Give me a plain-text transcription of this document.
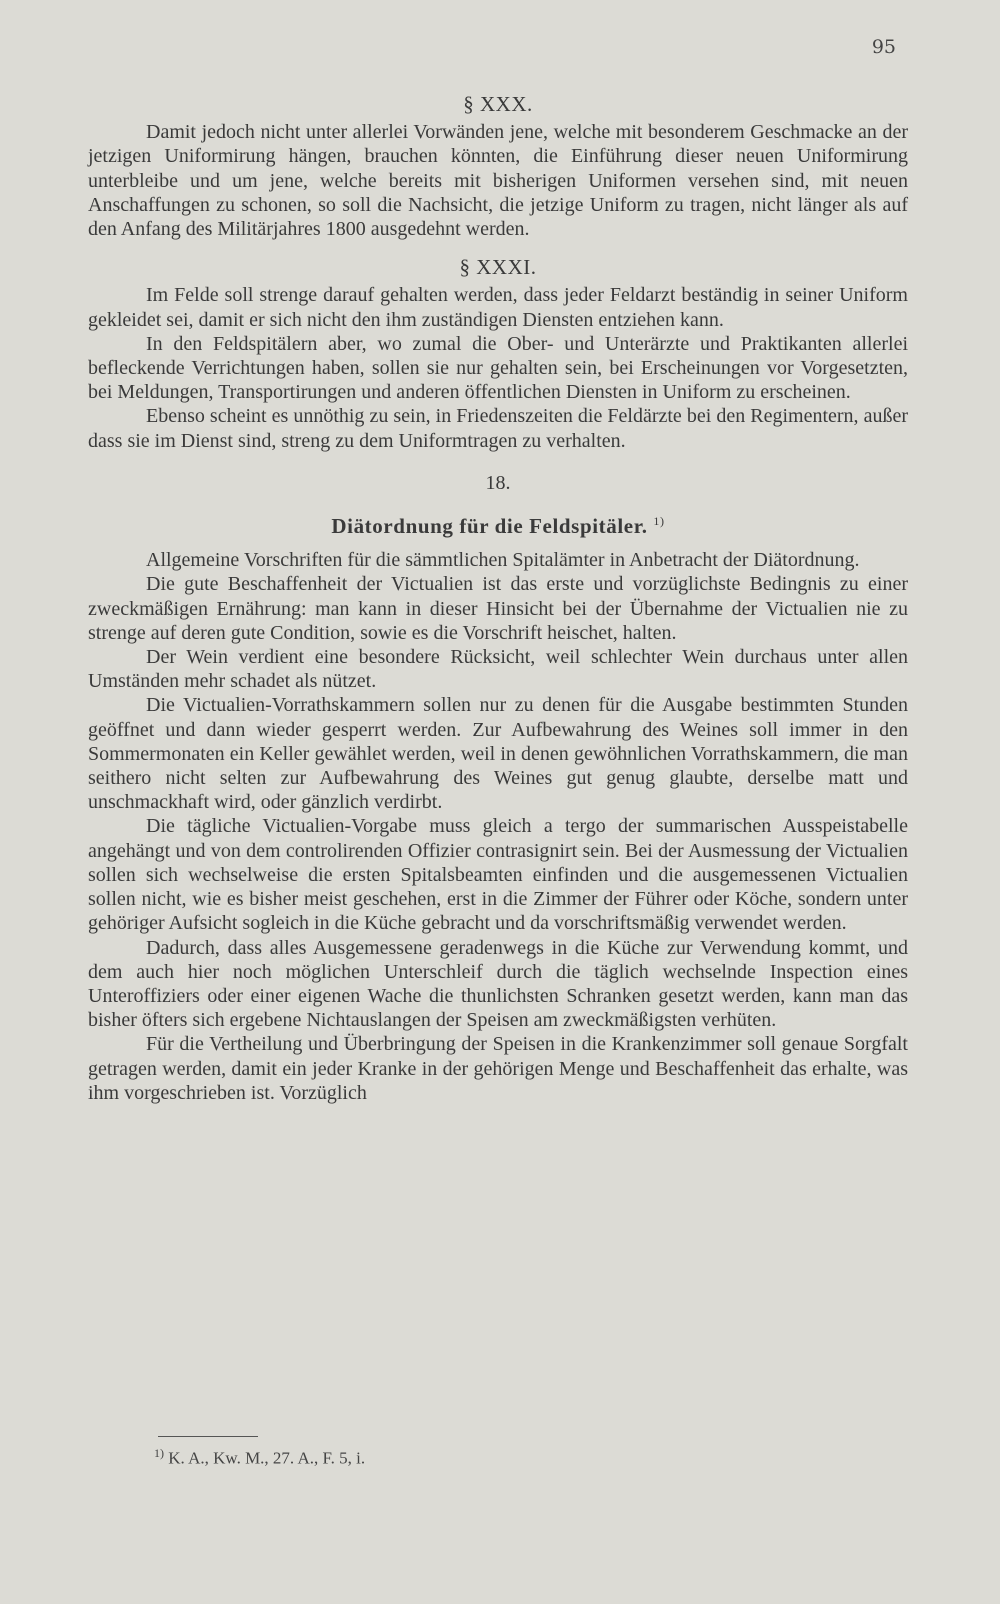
95
§ XXX.

Damit jedoch nicht unter allerlei Vorwänden jene, welche mit besonderem Geschmacke an der jetzigen Uniformirung hängen, brauchen könnten, die Einführung dieser neuen Uniformirung unterbleibe und um jene, welche bereits mit bisherigen Uniformen versehen sind, mit neuen Anschaffungen zu schonen, so soll die Nachsicht, die jetzige Uniform zu tragen, nicht länger als auf den Anfang des Militärjahres 1800 ausgedehnt werden.

§ XXXI.

Im Felde soll strenge darauf gehalten werden, dass jeder Feldarzt beständig in seiner Uniform gekleidet sei, damit er sich nicht den ihm zuständigen Diensten entziehen kann.

In den Feldspitälern aber, wo zumal die Ober- und Unterärzte und Praktikanten allerlei befleckende Verrichtungen haben, sollen sie nur gehalten sein, bei Erscheinungen vor Vorgesetzten, bei Meldungen, Transportirungen und anderen öffentlichen Diensten in Uniform zu erscheinen.

Ebenso scheint es unnöthig zu sein, in Friedenszeiten die Feldärzte bei den Regimentern, außer dass sie im Dienst sind, streng zu dem Uniformtragen zu verhalten.

18.
Diätordnung für die Feldspitäler. $^{1)}$

Allgemeine Vorschriften für die sämmtlichen Spitalämter in Anbetracht der Diätordnung.

Die gute Beschaffenheit der Victualien ist das erste und vorzüglichste Bedingnis zu einer zweckmäßigen Ernährung: man kann in dieser Hinsicht bei der Übernahme der Victualien nie zu strenge auf deren gute Condition, sowie es die Vorschrift heischet, halten.

Der Wein verdient eine besondere Rücksicht, weil schlechter Wein durchaus unter allen Umständen mehr schadet als nützet.

Die Victualien-Vorrathskammern sollen nur zu denen für die Ausgabe bestimmten Stunden geöffnet und dann wieder gesperrt werden. Zur Aufbewahrung des Weines soll immer in den Sommermonaten ein Keller gewählet werden, weil in denen gewöhnlichen Vorrathskammern, die man seithero nicht selten zur Aufbewahrung des Weines gut genug glaubte, derselbe matt und unschmackhaft wird, oder gänzlich verdirbt.

Die tägliche Victualien-Vorgabe muss gleich a tergo der summarischen Ausspeistabelle angehängt und von dem controlirenden Offizier contrasignirt sein. Bei der Ausmessung der Victualien sollen sich wechselweise die ersten Spitalsbeamten einfinden und die ausgemessenen Victualien sollen nicht, wie es bisher meist geschehen, erst in die Zimmer der Führer oder Köche, sondern unter gehöriger Aufsicht sogleich in die Küche gebracht und da vorschriftsmäßig verwendet werden.

Dadurch, dass alles Ausgemessene geradenwegs in die Küche zur Verwendung kommt, und dem auch hier noch möglichen Unterschleif durch die täglich wechselnde Inspection eines Unteroffiziers oder einer eigenen Wache die thunlichsten Schranken gesetzt werden, kann man das bisher öfters sich ergebene Nichtauslangen der Speisen am zweckmäßigsten verhüten.

Für die Vertheilung und Überbringung der Speisen in die Krankenzimmer soll genaue Sorgfalt getragen werden, damit ein jeder Kranke in der gehörigen Menge und Beschaffenheit das erhalte, was ihm vorgeschrieben ist. Vorzüglich

$^{1)}$ K. A., Kw. M., 27. A., F. 5, i.
